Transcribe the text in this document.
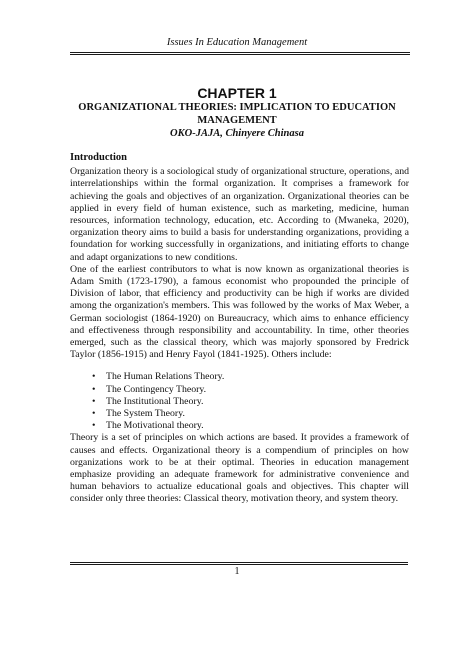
Issues In Education Management

CHAPTER 1

ORGANIZATIONAL THEORIES: IMPLICATION TO EDUCATION

MANAGEMENT

OKO-JAJA, Chinyere Chinasa

Introduction

Organization theory is a sociological study of organizational structure, operations, and interrelationships within the formal organization. It comprises a framework for achieving the goals and objectives of an organization. Organizational theories can be applied in every field of human existence, such as marketing, medicine, human resources, information technology, education, etc. According to (Mwaneka, 2020), organization theory aims to build a basis for understanding organizations, providing a foundation for working successfully in organizations, and initiating efforts to change and adapt organizations to new conditions.

One of the earliest contributors to what is now known as organizational theories is Adam Smith (1723-1790), a famous economist who propounded the principle of Division of labor, that efficiency and productivity can be high if works are divided among the organization's members. This was followed by the works of Max Weber, a German sociologist (1864-1920) on Bureaucracy, which aims to enhance efficiency and effectiveness through responsibility and accountability. In time, other theories emerged, such as the classical theory, which was majorly sponsored by Fredrick Taylor (1856-1915) and Henry Fayol (1841-1925). Others include:

• The Human Relations Theory.
• The Contingency Theory.
• The Institutional Theory.
• The System Theory.
• The Motivational theory.

Theory is a set of principles on which actions are based. It provides a framework of causes and effects. Organizational theory is a compendium of principles on how organizations work to be at their optimal. Theories in education management emphasize providing an adequate framework for administrative convenience and human behaviors to actualize educational goals and objectives. This chapter will consider only three theories: Classical theory, motivation theory, and system theory.

1
